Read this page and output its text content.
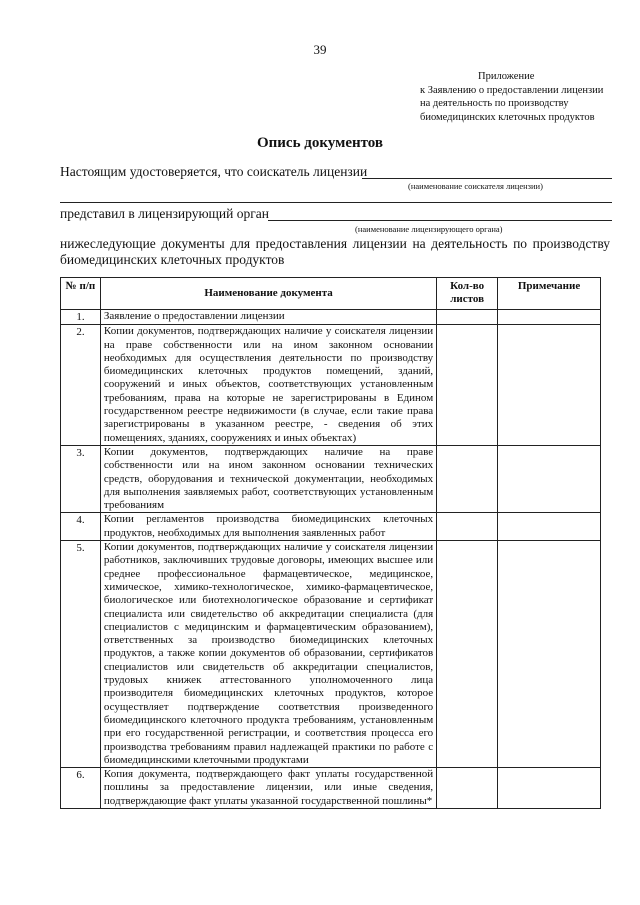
39
Приложение
к Заявлению о предоставлении лицензии
на деятельность по производству
биомедицинских клеточных продуктов
Опись документов
Настоящим удостоверяется, что соискатель лицензии
(наименование соискателя лицензии)
представил в лицензирующий орган
(наименование лицензирующего органа)
нижеследующие документы для предоставления лицензии на деятельность по производству биомедицинских клеточных продуктов
№ п/п	Наименование документа	Кол-во листов	Примечание
1.	Заявление о предоставлении лицензии		
2.	Копии документов, подтверждающих наличие у соискателя лицензии на праве собственности или на ином законном основании необходимых для осуществления деятельности по производству биомедицинских клеточных продуктов помещений, зданий, сооружений и иных объектов, соответствующих установленным требованиям, права на которые не зарегистрированы в Едином государственном реестре недвижимости (в случае, если такие права зарегистрированы в указанном реестре, - сведения об этих помещениях, зданиях, сооружениях и иных объектах)		
3.	Копии документов, подтверждающих наличие на праве собственности или на ином законном основании технических средств, оборудования и технической документации, необходимых для выполнения заявляемых работ, соответствующих установленным требованиям		
4.	Копии регламентов производства биомедицинских клеточных продуктов, необходимых для выполнения заявленных работ		
5.	Копии документов, подтверждающих наличие у соискателя лицензии работников, заключивших трудовые договоры, имеющих высшее или среднее профессиональное фармацевтическое, медицинское, химическое, химико-технологическое, химико-фармацевтическое, биологическое или биотехнологическое образование и сертификат специалиста или свидетельство об аккредитации специалиста (для специалистов с медицинским и фармацевтическим образованием), ответственных за производство биомедицинских клеточных продуктов, а также копии документов об образовании, сертификатов специалистов или свидетельств об аккредитации специалистов, трудовых книжек аттестованного уполномоченного лица производителя биомедицинских клеточных продуктов, которое осуществляет подтверждение соответствия произведенного биомедицинского клеточного продукта требованиям, установленным при его государственной регистрации, и соответствия процесса его производства требованиям правил надлежащей практики по работе с биомедицинскими клеточными продуктами		
6.	Копия документа, подтверждающего факт уплаты государственной пошлины за предоставление лицензии, или иные сведения, подтверждающие факт уплаты указанной государственной пошлины*		
